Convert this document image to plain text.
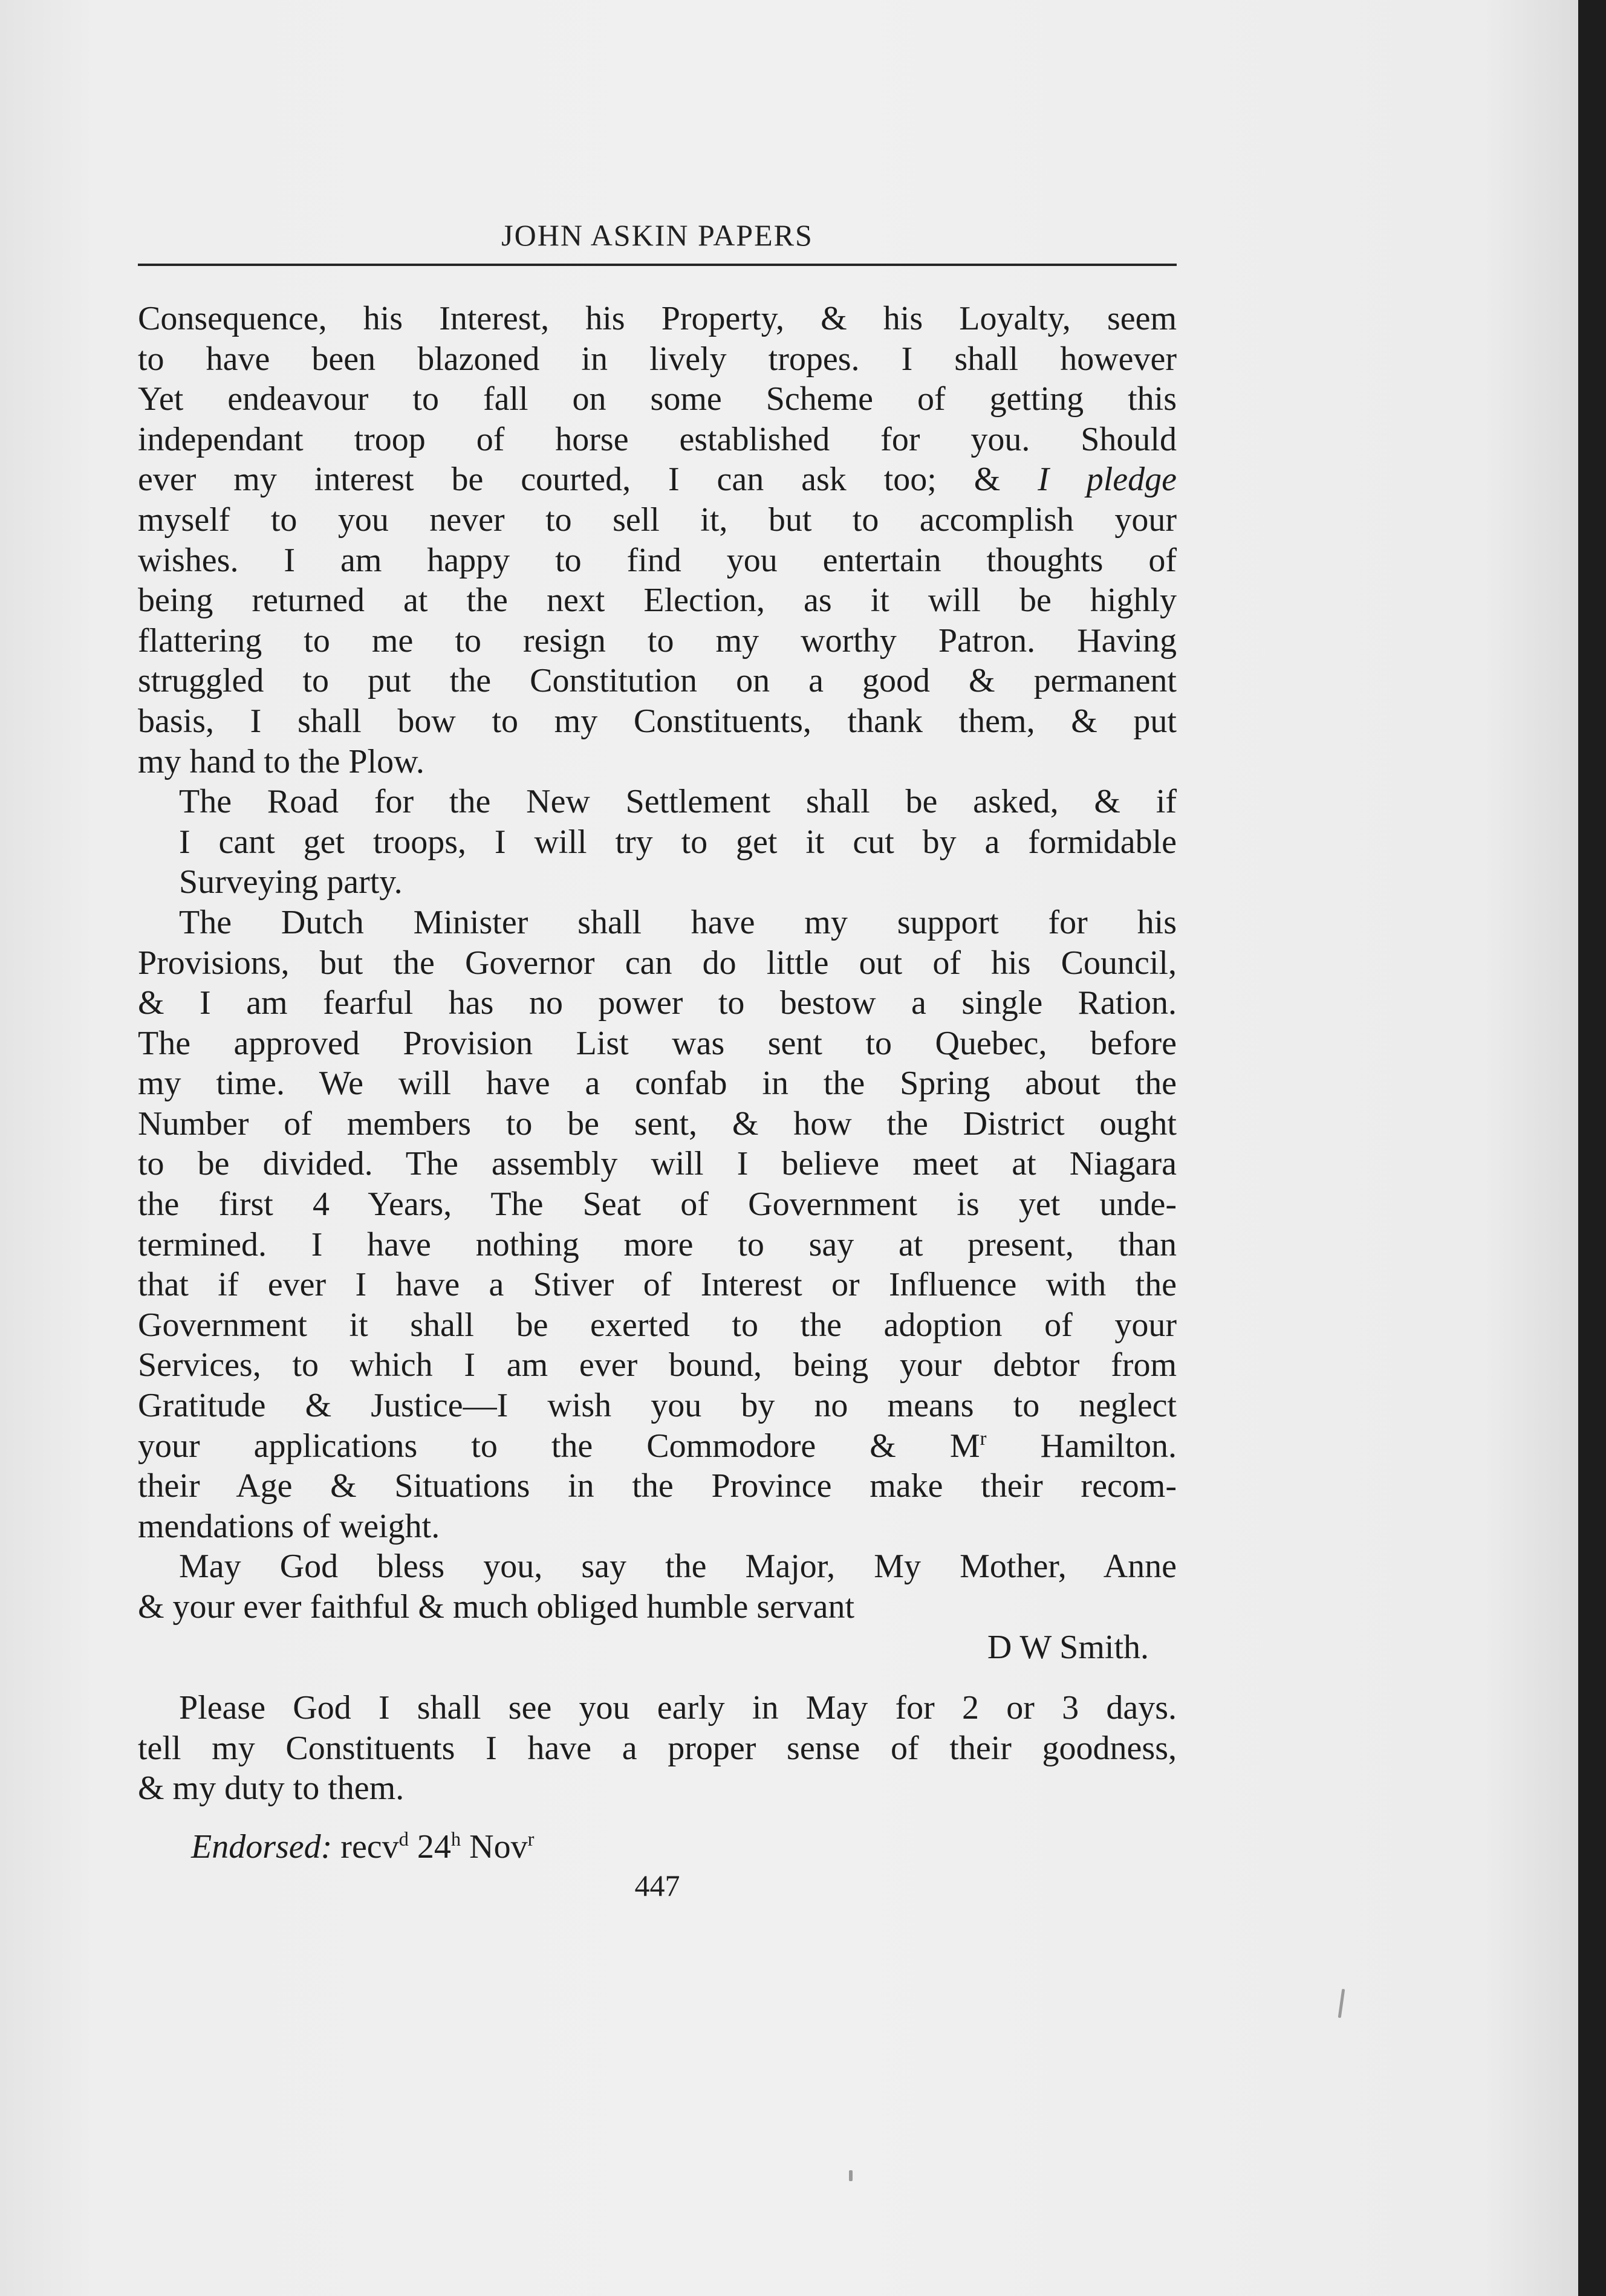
JOHN ASKIN PAPERS

Consequence, his Interest, his Property, & his Loyalty, seem
to have been blazoned in lively tropes. I shall however
Yet endeavour to fall on some Scheme of getting this
independant troop of horse established for you. Should
ever my interest be courted, I can ask too; & I pledge
myself to you never to sell it, but to accomplish your
wishes. I am happy to find you entertain thoughts of
being returned at the next Election, as it will be highly
flattering to me to resign to my worthy Patron. Having
struggled to put the Constitution on a good & permanent
basis, I shall bow to my Constituents, thank them, & put
my hand to the Plow.

The Road for the New Settlement shall be asked, & if
I cant get troops, I will try to get it cut by a formidable
Surveying party.

The Dutch Minister shall have my support for his
Provisions, but the Governor can do little out of his Council,
& I am fearful has no power to bestow a single Ration.
The approved Provision List was sent to Quebec, before
my time. We will have a confab in the Spring about the
Number of members to be sent, & how the District ought
to be divided. The assembly will I believe meet at Niagara
the first 4 Years, The Seat of Government is yet unde-
termined. I have nothing more to say at present, than
that if ever I have a Stiver of Interest or Influence with the
Government it shall be exerted to the adoption of your
Services, to which I am ever bound, being your debtor from
Gratitude & Justice—I wish you by no means to neglect
your applications to the Commodore & $M^r$ Hamilton.
their Age & Situations in the Province make their recom-
mendations of weight.

May God bless you, say the Major, My Mother, Anne
& your ever faithful & much obliged humble servant
D W Smith.

Please God I shall see you early in May for 2 or 3 days.
tell my Constituents I have a proper sense of their goodness,
& my duty to them.

Endorsed: recv$^d$ 24$^h$ Nov$^r$

447
